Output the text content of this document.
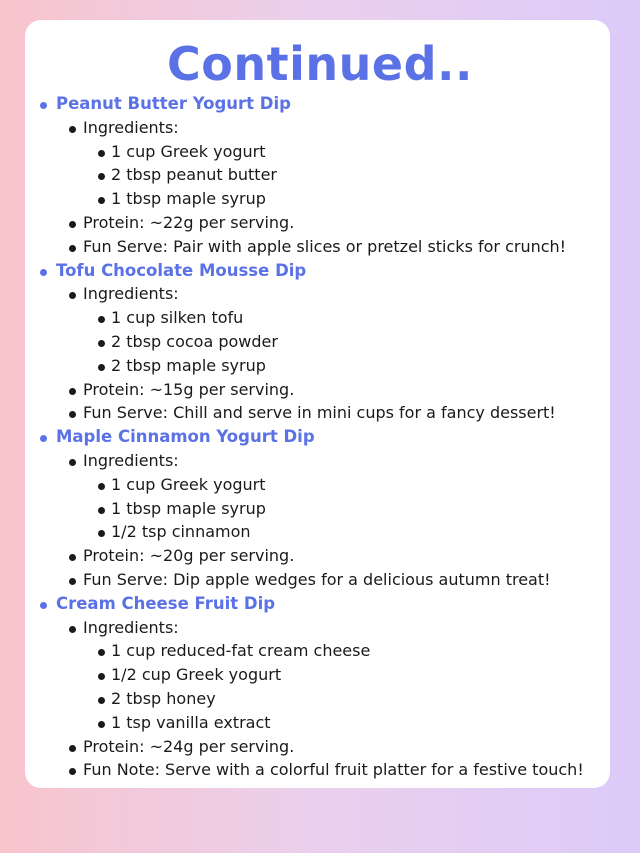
Continued..
Peanut Butter Yogurt Dip
Ingredients:
1 cup Greek yogurt
2 tbsp peanut butter
1 tbsp maple syrup
Protein: ~22g per serving.
Fun Serve: Pair with apple slices or pretzel sticks for crunch!
Tofu Chocolate Mousse Dip
Ingredients:
1 cup silken tofu
2 tbsp cocoa powder
2 tbsp maple syrup
Protein: ~15g per serving.
Fun Serve: Chill and serve in mini cups for a fancy dessert!
Maple Cinnamon Yogurt Dip
Ingredients:
1 cup Greek yogurt
1 tbsp maple syrup
1/2 tsp cinnamon
Protein: ~20g per serving.
Fun Serve: Dip apple wedges for a delicious autumn treat!
Cream Cheese Fruit Dip
Ingredients:
1 cup reduced-fat cream cheese
1/2 cup Greek yogurt
2 tbsp honey
1 tsp vanilla extract
Protein: ~24g per serving.
Fun Note: Serve with a colorful fruit platter for a festive touch!
